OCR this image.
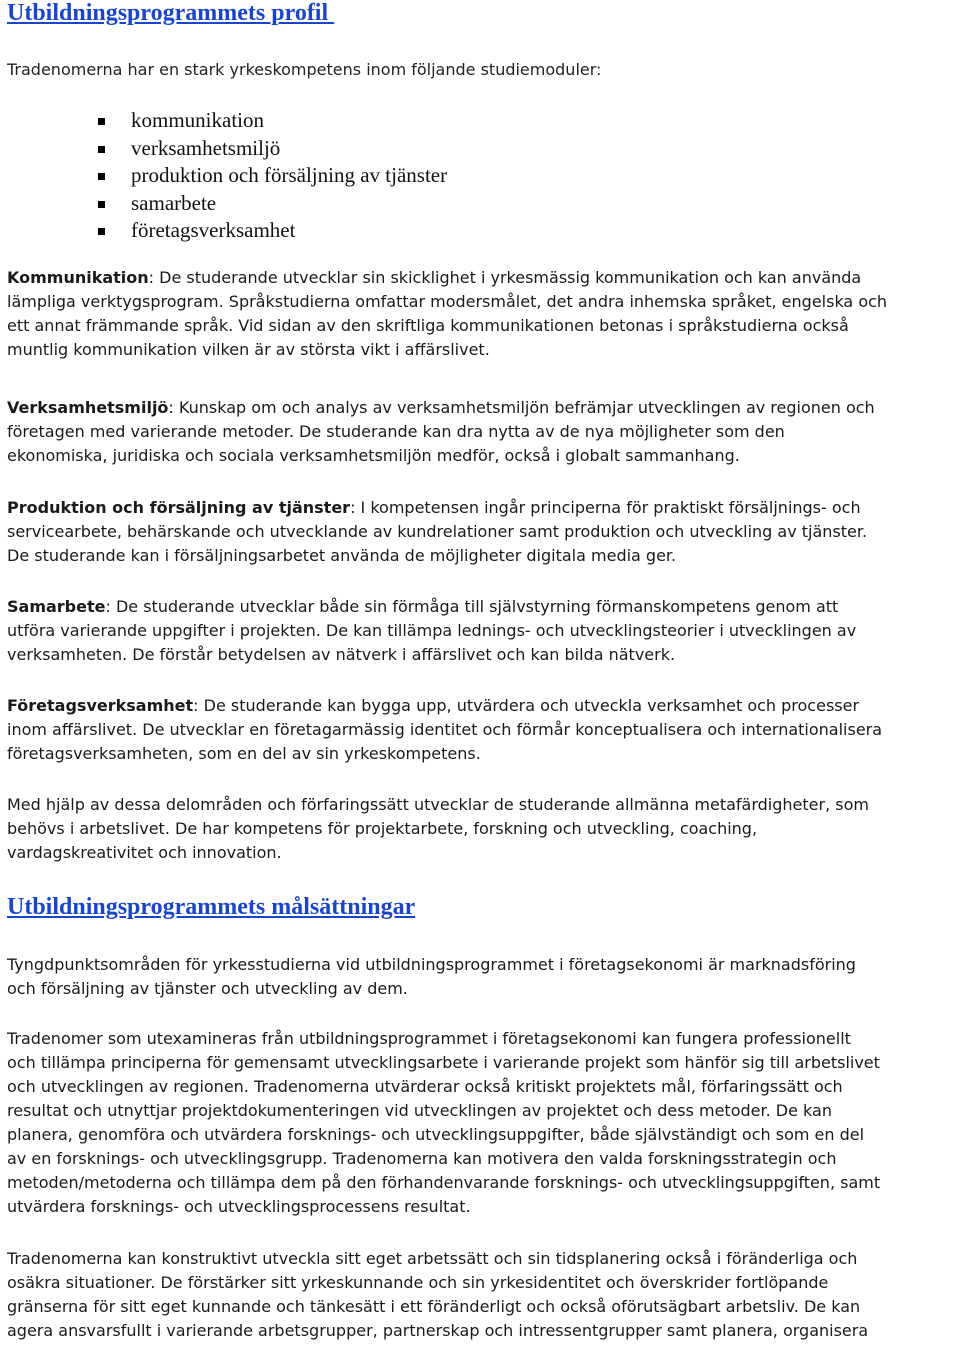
Utbildningsprogrammets profil

Tradenomerna har en stark yrkeskompetens inom följande studiemoduler:

kommunikation
verksamhetsmiljö
produktion och försäljning av tjänster
samarbete
företagsverksamhet
Kommunikation: De studerande utvecklar sin skicklighet i yrkesmässig kommunikation och kan använda
lämpliga verktygsprogram. Språkstudierna omfattar modersmålet, det andra inhemska språket, engelska och
ett annat främmande språk. Vid sidan av den skriftliga kommunikationen betonas i språkstudierna också
muntlig kommunikation vilken är av största vikt i affärslivet.
Verksamhetsmiljö: Kunskap om och analys av verksamhetsmiljön befrämjar utvecklingen av regionen och
företagen med varierande metoder. De studerande kan dra nytta av de nya möjligheter som den
ekonomiska, juridiska och sociala verksamhetsmiljön medför, också i globalt sammanhang.
Produktion och försäljning av tjänster: I kompetensen ingår principerna för praktiskt försäljnings- och
servicearbete, behärskande och utvecklande av kundrelationer samt produktion och utveckling av tjänster.
De studerande kan i försäljningsarbetet använda de möjligheter digitala media ger.
Samarbete: De studerande utvecklar både sin förmåga till självstyrning förmanskompetens genom att
utföra varierande uppgifter i projekten. De kan tillämpa lednings- och utvecklingsteorier i utvecklingen av
verksamheten. De förstår betydelsen av nätverk i affärslivet och kan bilda nätverk.
Företagsverksamhet: De studerande kan bygga upp, utvärdera och utveckla verksamhet och processer
inom affärslivet. De utvecklar en företagarmässig identitet och förmår konceptualisera och internationalisera
företagsverksamheten, som en del av sin yrkeskompetens.
Med hjälp av dessa delområden och förfaringssätt utvecklar de studerande allmänna metafärdigheter, som
behövs i arbetslivet. De har kompetens för projektarbete, forskning och utveckling, coaching,
vardagskreativitet och innovation.
Utbildningsprogrammets målsättningar
Tyngdpunktsområden för yrkesstudierna vid utbildningsprogrammet i företagsekonomi är marknadsföring
och försäljning av tjänster och utveckling av dem.
Tradenomer som utexamineras från utbildningsprogrammet i företagsekonomi kan fungera professionellt
och tillämpa principerna för gemensamt utvecklingsarbete i varierande projekt som hänför sig till arbetslivet
och utvecklingen av regionen. Tradenomerna utvärderar också kritiskt projektets mål, förfaringssätt och
resultat och utnyttjar projektdokumenteringen vid utvecklingen av projektet och dess metoder. De kan
planera, genomföra och utvärdera forsknings- och utvecklingsuppgifter, både självständigt och som en del
av en forsknings- och utvecklingsgrupp. Tradenomerna kan motivera den valda forskningsstrategin och
metoden/metoderna och tillämpa dem på den förhandenvarande forsknings- och utvecklingsuppgiften, samt
utvärdera forsknings- och utvecklingsprocessens resultat.
Tradenomerna kan konstruktivt utveckla sitt eget arbetssätt och sin tidsplanering också i föränderliga och
osäkra situationer. De förstärker sitt yrkeskunnande och sin yrkesidentitet och överskrider fortlöpande
gränserna för sitt eget kunnande och tänkesätt i ett föränderligt och också oförutsägbart arbetsliv. De kan
agera ansvarsfullt i varierande arbetsgrupper, partnerskap och intressentgrupper samt planera, organisera
